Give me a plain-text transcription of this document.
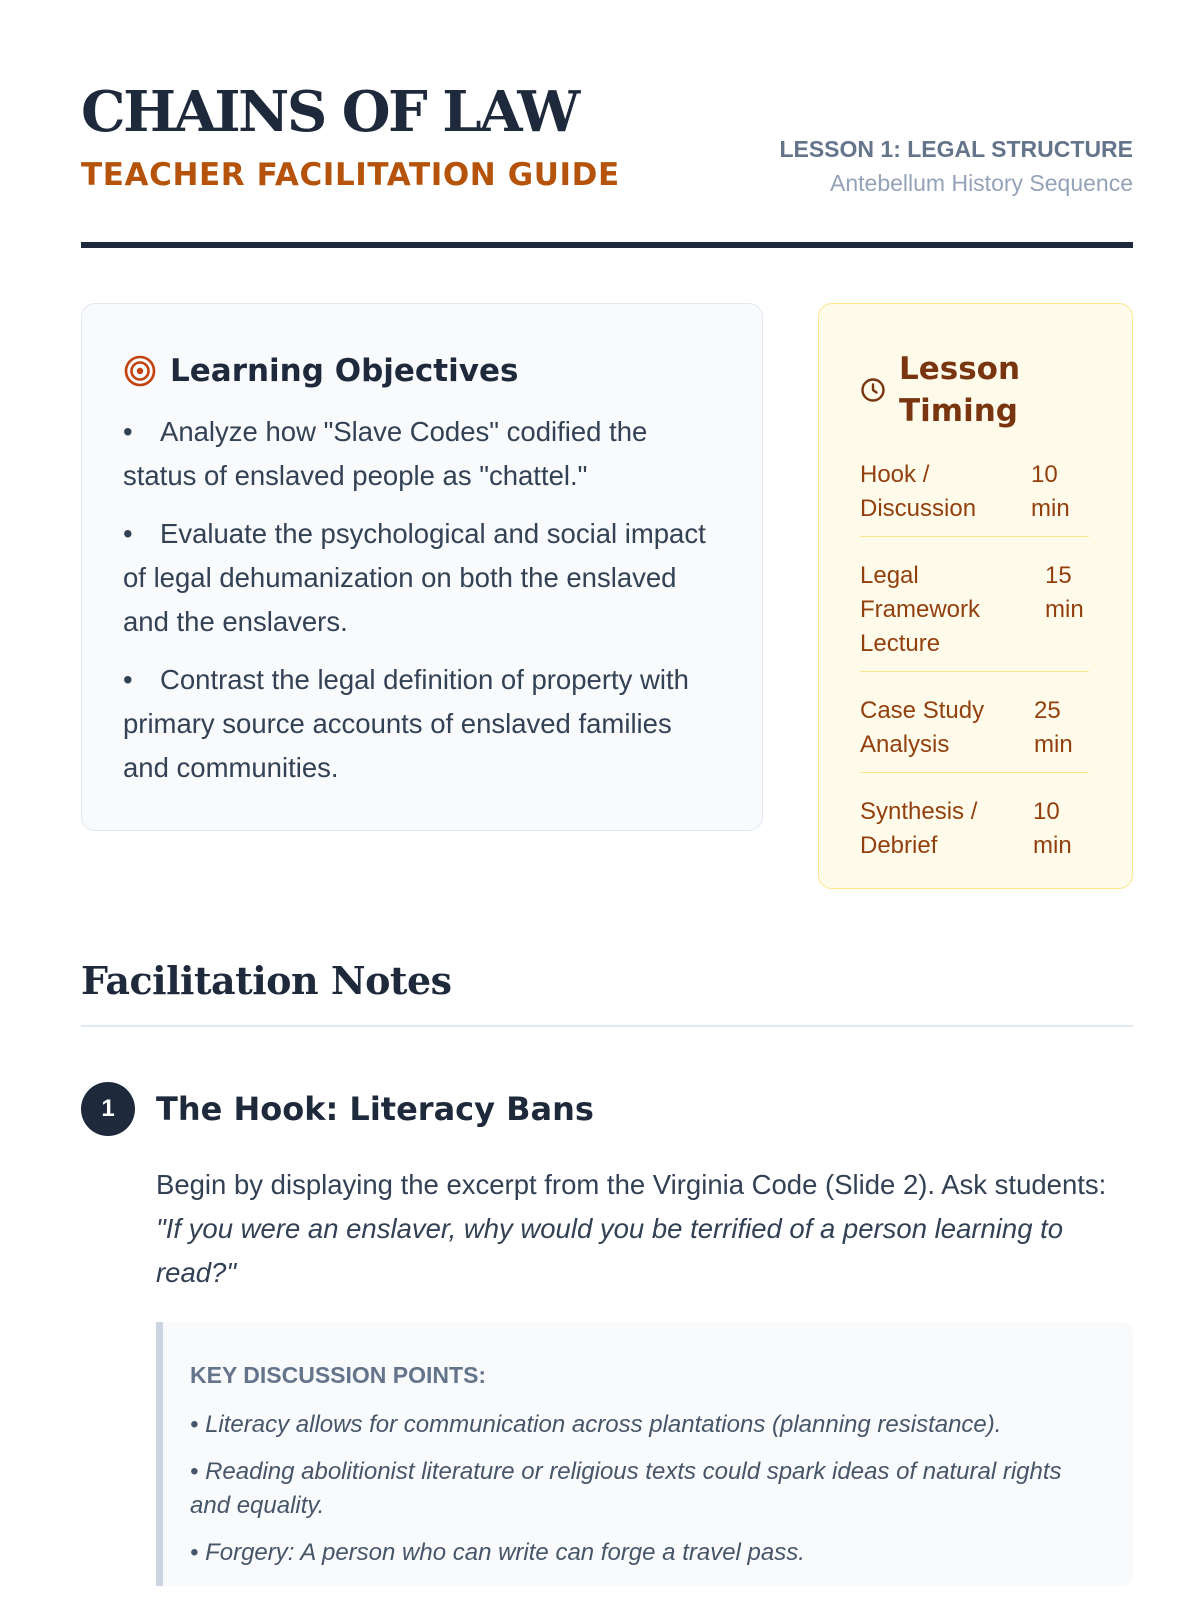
CHAINS OF LAW
TEACHER FACILITATION GUIDE
LESSON 1: LEGAL STRUCTURE
Antebellum History Sequence
Learning Objectives
• Analyze how "Slave Codes" codified the status of enslaved people as "chattel."
• Evaluate the psychological and social impact of legal dehumanization on both the enslaved and the enslavers.
• Contrast the legal definition of property with primary source accounts of enslaved families and communities.
Lesson Timing
Hook / Discussion
10 min
Legal Framework Lecture
15 min
Case Study Analysis
25 min
Synthesis / Debrief
10 min
Facilitation Notes
1	The Hook: Literacy Bans
Begin by displaying the excerpt from the Virginia Code (Slide 2). Ask students: "If you were an enslaver, why would you be terrified of a person learning to read?"
KEY DISCUSSION POINTS:
• Literacy allows for communication across plantations (planning resistance).
• Reading abolitionist literature or religious texts could spark ideas of natural rights and equality.
• Forgery: A person who can write can forge a travel pass.
